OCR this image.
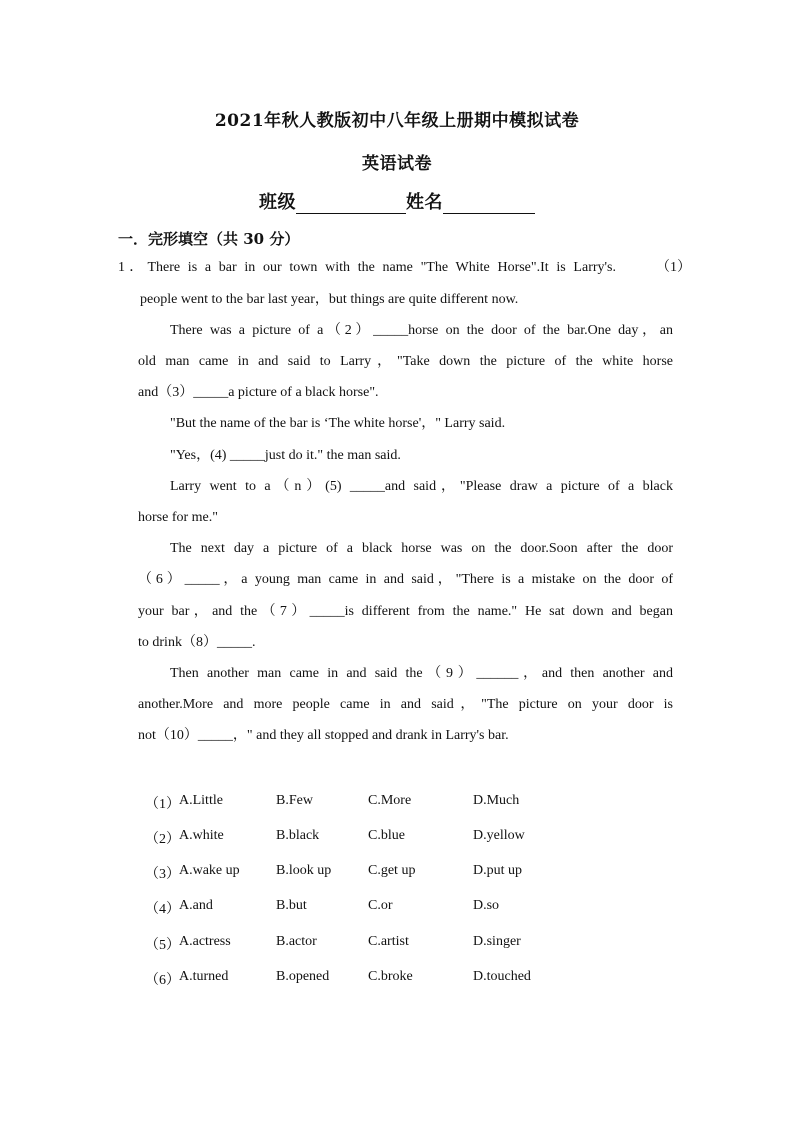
2021年秋人教版初中八年级上册期中模拟试卷
英语试卷
班级	姓名
一．完形填空（共 30 分）
1．There is a bar in our town with the name "The White Horse".It is Larry's.	（1）
people went to the bar last year，but things are quite different now.
There was a picture of a（2）_____horse on the door of the bar.One day，an
old man came in and said to Larry，"Take down the picture of the white horse
and（3）_____a picture of a black horse".
"But the name of the bar is ‘The white horse'，" Larry said.
"Yes，(4) _____just do it." the man said.
Larry went to a（n）(5) _____and said，"Please draw a picture of a black
horse for me."
The next day a picture of a black horse was on the door.Soon after the door
（6）_____，a young man came in and said，"There is a mistake on the door of
your bar，and the（7）_____is different from the name." He sat down and began
to drink（8）_____.
Then another man came in and said the（9）______，and then another and
another.More and more people came in and said，"The picture on your door is
not（10）_____，" and they all stopped and drank in Larry's bar.
（1） A.Little	B.Few	C.More	D.Much
（2） A.white	B.black	C.blue	D.yellow
（3） A.wake up	B.look up	C.get up	D.put up
（4） A.and	B.but	C.or	D.so
（5） A.actress	B.actor	C.artist	D.singer
（6） A.turned	B.opened	C.broke	D.touched
